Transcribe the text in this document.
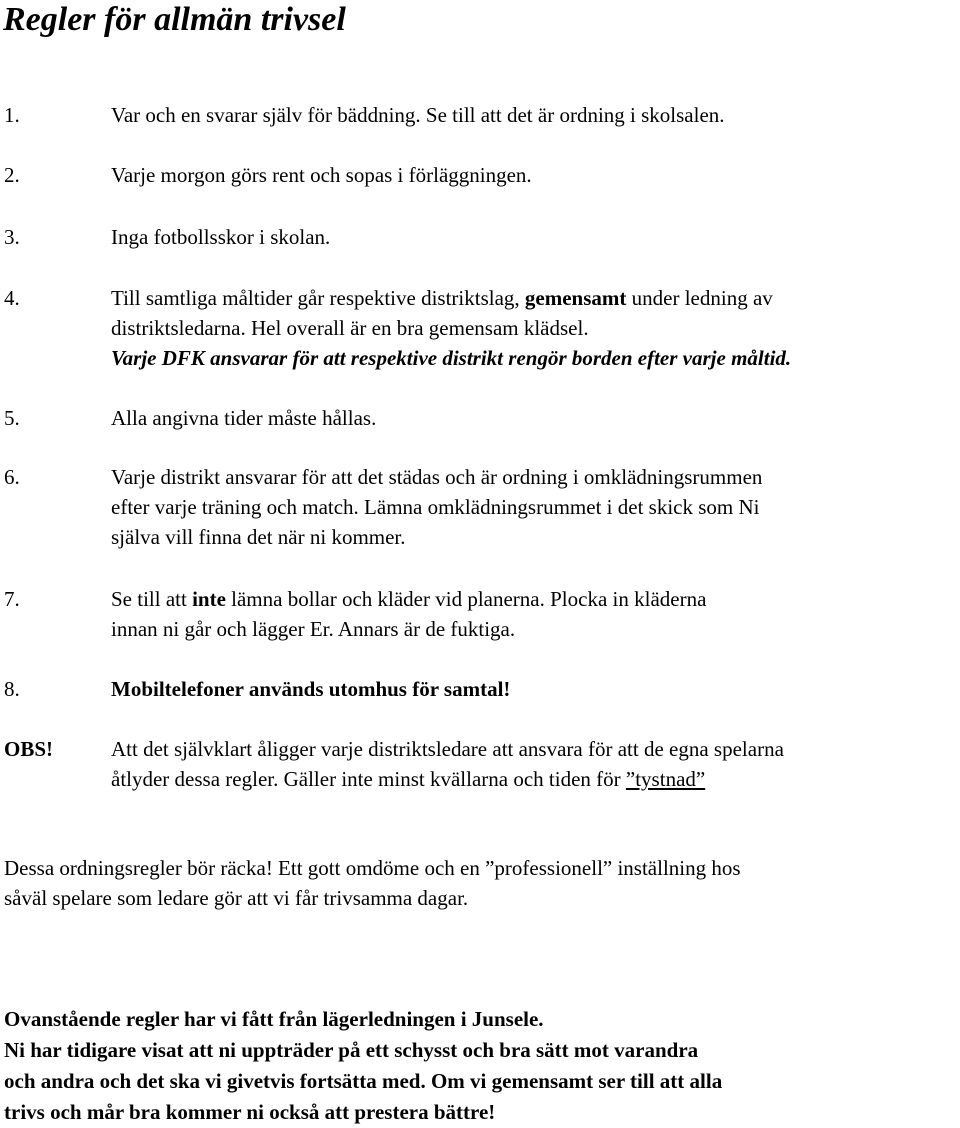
Regler för allmän trivsel
1.	Var och en svarar själv för bäddning. Se till att det är ordning i skolsalen.
2.	Varje morgon görs rent och sopas i förläggningen.
3.	Inga fotbollsskor i skolan.
4.	Till samtliga måltider går respektive distriktslag, gemensamt under ledning av
distriktsledarna. Hel overall är en bra gemensam klädsel.
Varje DFK ansvarar för att respektive distrikt rengör borden efter varje måltid.
5.	Alla angivna tider måste hållas.
6.	Varje distrikt ansvarar för att det städas och är ordning i omklädningsrummen
efter varje träning och match. Lämna omklädningsrummet i det skick som Ni
själva vill finna det när ni kommer.
7.	Se till att inte lämna bollar och kläder vid planerna. Plocka in kläderna
innan ni går och lägger Er. Annars är de fuktiga.
8.	Mobiltelefoner används utomhus för samtal!
OBS!	Att det självklart åligger varje distriktsledare att ansvara för att de egna spelarna
åtlyder dessa regler. Gäller inte minst kvällarna och tiden för ”tystnad”
Dessa ordningsregler bör räcka! Ett gott omdöme och en ”professionell” inställning hos
såväl spelare som ledare gör att vi får trivsamma dagar.
Ovanstående regler har vi fått från lägerledningen i Junsele.
Ni har tidigare visat att ni uppträder på ett schysst och bra sätt mot varandra
och andra och det ska vi givetvis fortsätta med. Om vi gemensamt ser till att alla
trivs och mår bra kommer ni också att prestera bättre!
